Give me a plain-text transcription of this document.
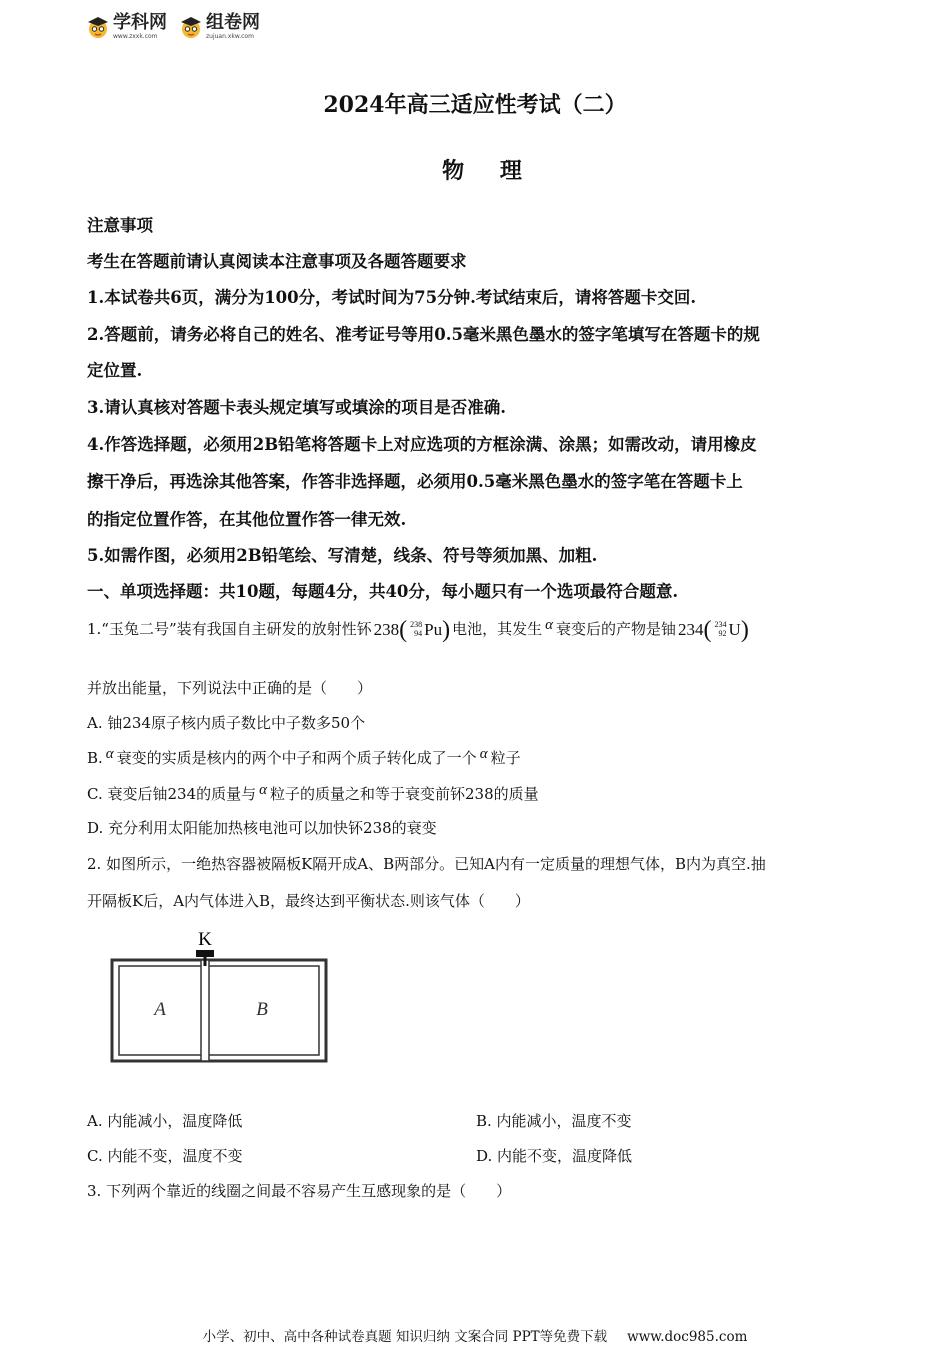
学科网
www.zxxk.com
组卷网
zujuan.xkw.com
2024年高三适应性考试（二）
物 理
注意事项
考生在答题前请认真阅读本注意事项及各题答题要求
1.本试卷共6页，满分为100分，考试时间为75分钟.考试结束后，请将答题卡交回.
2.答题前，请务必将自己的姓名、准考证号等用0.5毫米黑色墨水的签字笔填写在答题卡的规
定位置.
3.请认真核对答题卡表头规定填写或填涂的项目是否准确.
4.作答选择题，必须用2B铅笔将答题卡上对应选项的方框涂满、涂黑；如需改动，请用橡皮
擦干净后，再选涂其他答案，作答非选择题，必须用0.5毫米黑色墨水的签字笔在答题卡上
的指定位置作答，在其他位置作答一律无效.
5.如需作图，必须用2B铅笔绘、写清楚，线条、符号等须加黑、加粗.
一、单项选择题：共10题，每题4分，共40分，每小题只有一个选项最符合题意.
1.“玉兔二号”装有我国自主研发的放射性钚 238 ( 238
94 Pu ) 电池，其发生 α 衰变后的产物是铀 234 ( 234
92 U )
并放出能量，下列说法中正确的是（　　）
A. 铀234原子核内质子数比中子数多50个
B. α 衰变的实质是核内的两个中子和两个质子转化成了一个 α 粒子
C. 衰变后铀234的质量与 α 粒子的质量之和等于衰变前钚238的质量
D. 充分利用太阳能加热核电池可以加快钚238的衰变
2. 如图所示，一绝热容器被隔板K隔开成A、B两部分。已知A内有一定质量的理想气体，B内为真空.抽
开隔板K后，A内气体进入B，最终达到平衡状态.则该气体（　　）
K
A	B
A. 内能减小，温度降低	B. 内能减小，温度不变
C. 内能不变，温度不变	D. 内能不变，温度降低
3. 下列两个靠近的线圈之间最不容易产生互感现象的是（　　）
小学、初中、高中各种试卷真题 知识归纳 文案合同 PPT等免费下载 www.doc985.com
